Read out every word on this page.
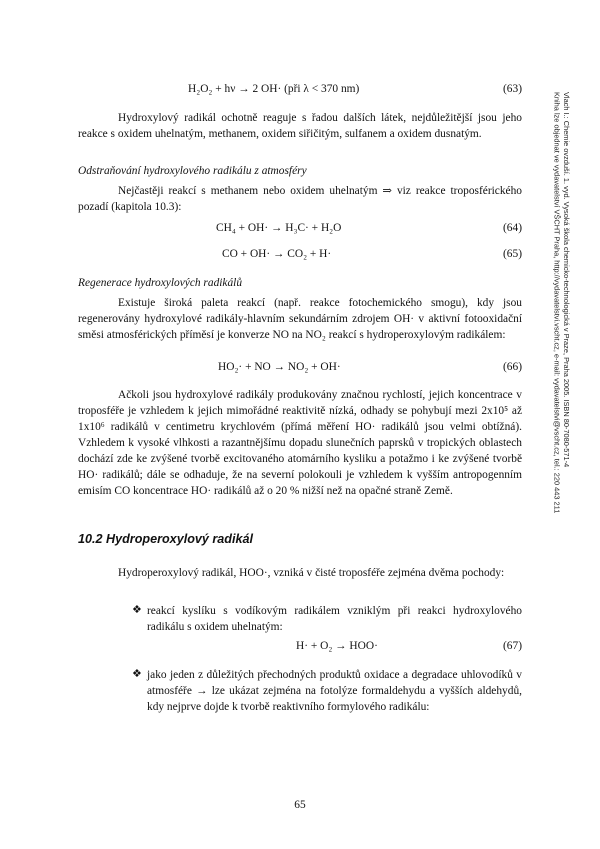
Vlach I.: Chemie ovzduší. 1. vyd. Vysoká škola chemicko-technologická v Praze, Praha 2005. ISBN 80-7080-571-4
Kniha lze objednat ve vydavatelství VŠCHT Praha, http://vydavatelstvi.vscht.cz, e-mail: vydavatelstvi@vscht.cz, tel.: 220 443 211
H₂O₂ + hν → 2 OH· (při λ < 370 nm)	(63)
Hydroxylový radikál ochotně reaguje s řadou dalších látek, nejdůležitější jsou jeho reakce s oxidem uhelnatým, methanem, oxidem siřičitým, sulfanem a oxidem dusnatým.
Odstraňování hydroxylového radikálu z atmosféry
Nejčastěji reakcí s methanem nebo oxidem uhelnatým ⇒ viz reakce troposférického pozadí (kapitola 10.3):
CH₄ + OH· → H₃C· + H₂O	(64)
CO + OH· → CO₂ + H·	(65)
Regenerace hydroxylových radikálů
Existuje široká paleta reakcí (např. reakce fotochemického smogu), kdy jsou regenerovány hydroxylové radikály-hlavním sekundárním zdrojem OH· v aktivní fotooxidační směsi atmosférických příměsí je konverze NO na NO₂ reakcí s hydroperoxylovým radikálem:
HO₂· + NO → NO₂ + OH·	(66)
Ačkoli jsou hydroxylové radikály produkovány značnou rychlostí, jejich koncentrace v troposféře je vzhledem k jejich mimořádné reaktivitě nízká, odhady se pohybují mezi 2x10⁵ až 1x10⁶ radikálů v centimetru krychlovém (přímá měření HO· radikálů jsou velmi obtížná). Vzhledem k vysoké vlhkosti a razantnějšímu dopadu slunečních paprsků v tropických oblastech dochází zde ke zvýšené tvorbě excitovaného atomárního kysliku a potažmo i ke zvýšené tvorbě HO· radikálů; dále se odhaduje, že na severní polokouli je vzhledem k vyšším antropogenním emisím CO koncentrace HO· radikálů až o 20 % nižší než na opačné straně Země.
10.2 Hydroperoxylový radikál
Hydroperoxylový radikál, HOO·, vzniká v čisté troposféře zejména dvěma pochody:
❖ reakcí kyslíku s vodíkovým radikálem vzniklým při reakci hydroxylového radikálu s oxidem uhelnatým:
H· + O₂ → HOO·	(67)
❖ jako jeden z důležitých přechodných produktů oxidace a degradace uhlovodíků v atmosféře → lze ukázat zejména na fotolýze formaldehydu a vyšších aldehydů, kdy nejprve dojde k tvorbě reaktivního formylového radikálu:
65
